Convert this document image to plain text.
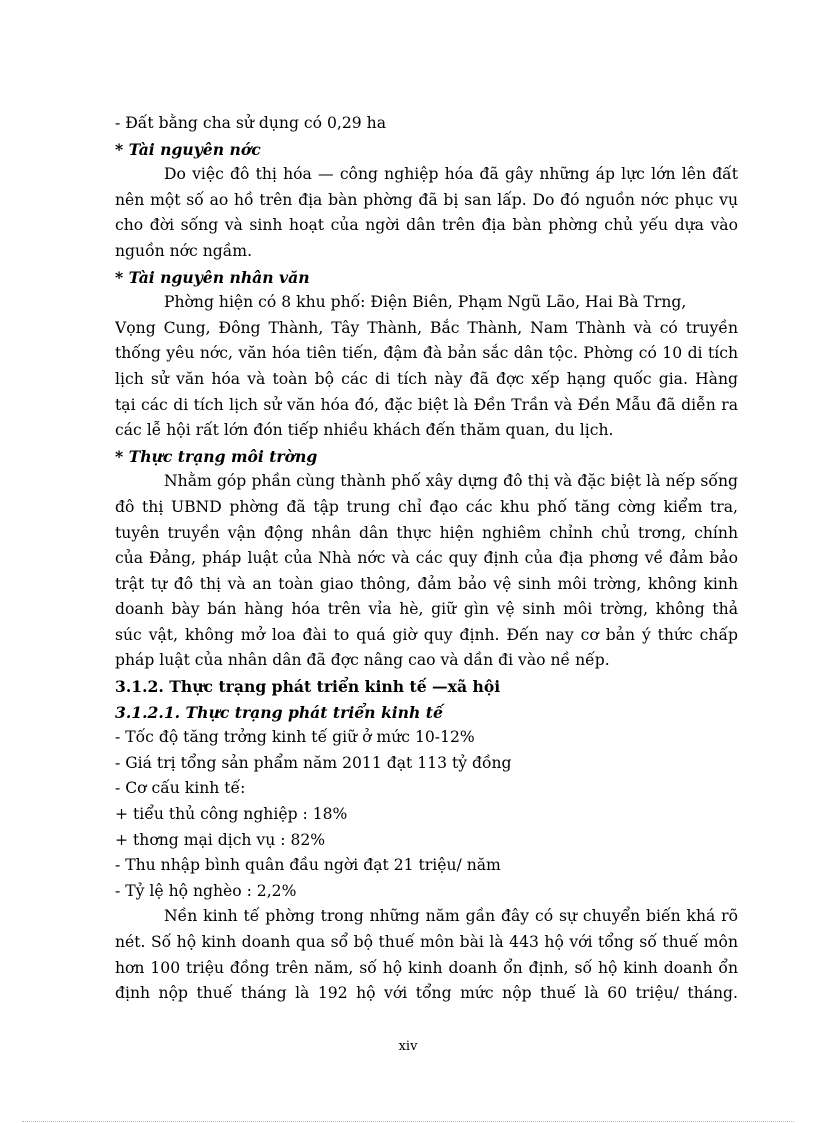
- Đất bằng cha sử dụng có 0,29 ha
* Tài nguyên nớc
Do việc đô thị hóa — công nghiệp hóa đã gây những áp lực lớn lên đất
nên một số ao hồ trên địa bàn phờng đã bị san lấp. Do đó nguồn nớc phục vụ
cho đời sống và sinh hoạt của ngời dân trên địa bàn phờng chủ yếu dựa vào
nguồn nớc ngầm.
* Tài nguyên nhân văn
Phờng hiện có 8 khu phố: Điện Biên, Phạm Ngũ Lão, Hai Bà Trng,
Vọng Cung, Đông Thành, Tây Thành, Bắc Thành, Nam Thành và có truyền
thống yêu nớc, văn hóa tiên tiến, đậm đà bản sắc dân tộc. Phờng có 10 di tích
lịch sử văn hóa và toàn bộ các di tích này đã đợc xếp hạng quốc gia. Hàng
tại các di tích lịch sử văn hóa đó, đặc biệt là Đền Trần và Đền Mẫu đã diễn ra
các lễ hội rất lớn đón tiếp nhiều khách đến thăm quan, du lịch.
* Thực trạng môi trờng
Nhằm góp phần cùng thành phố xây dựng đô thị và đặc biệt là nếp sống
đô thị UBND phờng đã tập trung chỉ đạo các khu phố tăng cờng kiểm tra,
tuyên truyền vận động nhân dân thực hiện nghiêm chỉnh chủ trơng, chính
của Đảng, pháp luật của Nhà nớc và các quy định của địa phơng về đảm bảo
trật tự đô thị và an toàn giao thông, đảm bảo vệ sinh môi trờng, không kinh
doanh bày bán hàng hóa trên vỉa hè, giữ gìn vệ sinh môi trờng, không thả
súc vật, không mở loa đài to quá giờ quy định. Đến nay cơ bản ý thức chấp
pháp luật của nhân dân đã đợc nâng cao và dần đi vào nề nếp.
3.1.2. Thực trạng phát triển kinh tế —xã hội
3.1.2.1. Thực trạng phát triển kinh tế
- Tốc độ tăng trởng kinh tế giữ ở mức 10-12%
- Giá trị tổng sản phẩm năm 2011 đạt 113 tỷ đồng
- Cơ cấu kinh tế:
+ tiểu thủ công nghiệp : 18%
+ thơng mại dịch vụ : 82%
- Thu nhập bình quân đầu ngời đạt 21 triệu/ năm
- Tỷ lệ hộ nghèo : 2,2%
Nền kinh tế phờng trong những năm gần đây có sự chuyển biến khá rõ
nét. Số hộ kinh doanh qua sổ bộ thuế môn bài là 443 hộ với tổng số thuế môn
hơn 100 triệu đồng trên năm, số hộ kinh doanh ổn định, số hộ kinh doanh ổn
định nộp thuế tháng là 192 hộ với tổng mức nộp thuế là 60 triệu/ tháng.
xiv
